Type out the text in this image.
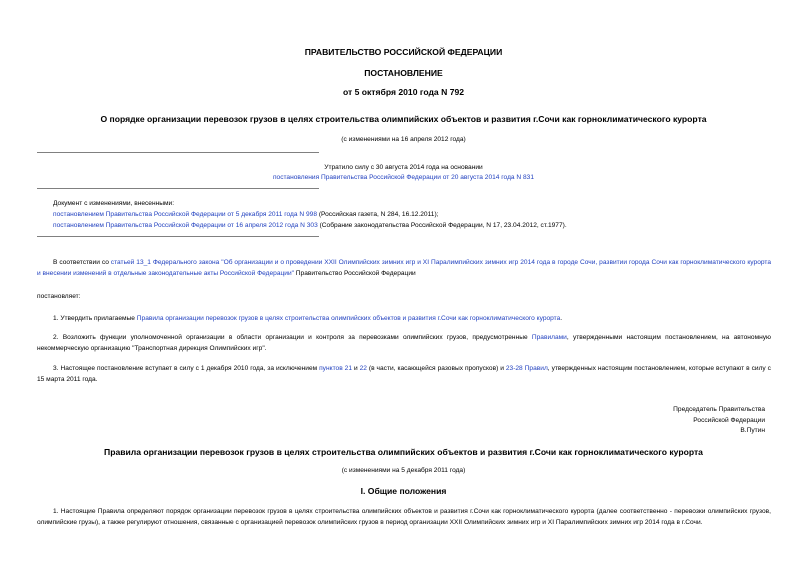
ПРАВИТЕЛЬСТВО РОССИЙСКОЙ ФЕДЕРАЦИИ
ПОСТАНОВЛЕНИЕ
от 5 октября 2010 года N 792
О порядке организации перевозок грузов в целях строительства олимпийских объектов и развития г.Сочи как горноклиматического курорта
(с изменениями на 16 апреля 2012 года)
Утратило силу с 30 августа 2014 года на основании
постановления Правительства Российской Федерации от 20 августа 2014 года N 831
Документ с изменениями, внесенными:
постановлением Правительства Российской Федерации от 5 декабря 2011 года N 998 (Российская газета, N 284, 16.12.2011);
постановлением Правительства Российской Федерации от 16 апреля 2012 года N 303 (Собрание законодательства Российской Федерации, N 17, 23.04.2012, ст.1977).
В соответствии со статьей 13_1 Федерального закона "Об организации и о проведении XXII Олимпийских зимних игр и XI Паралимпийских зимних игр 2014 года в городе Сочи, развитии города Сочи как горноклиматического курорта и внесении изменений в отдельные законодательные акты Российской Федерации" Правительство Российской Федерации
постановляет:
1. Утвердить прилагаемые Правила организации перевозок грузов в целях строительства олимпийских объектов и развития г.Сочи как горноклиматического курорта.
2. Возложить функции уполномоченной организации в области организации и контроля за перевозками олимпийских грузов, предусмотренные Правилами, утвержденными настоящим постановлением, на автономную некоммерческую организацию "Транспортная дирекция Олимпийских игр".
3. Настоящее постановление вступает в силу с 1 декабря 2010 года, за исключением пунктов 21 и 22 (в части, касающейся разовых пропусков) и 23-28 Правил, утвержденных настоящим постановлением, которые вступают в силу с 15 марта 2011 года.
Председатель Правительства
Российской Федерации
В.Путин
Правила организации перевозок грузов в целях строительства олимпийских объектов и развития г.Сочи как горноклиматического курорта
(с изменениями на 5 декабря 2011 года)
I. Общие положения
1. Настоящие Правила определяют порядок организации перевозок грузов в целях строительства олимпийских объектов и развития г.Сочи как горноклиматического курорта (далее соответственно - перевозки олимпийских грузов, олимпийские грузы), а также регулируют отношения, связанные с организацией перевозок олимпийских грузов в период организации XXII Олимпийских зимних игр и XI Паралимпийских зимних игр 2014 года в г.Сочи.
